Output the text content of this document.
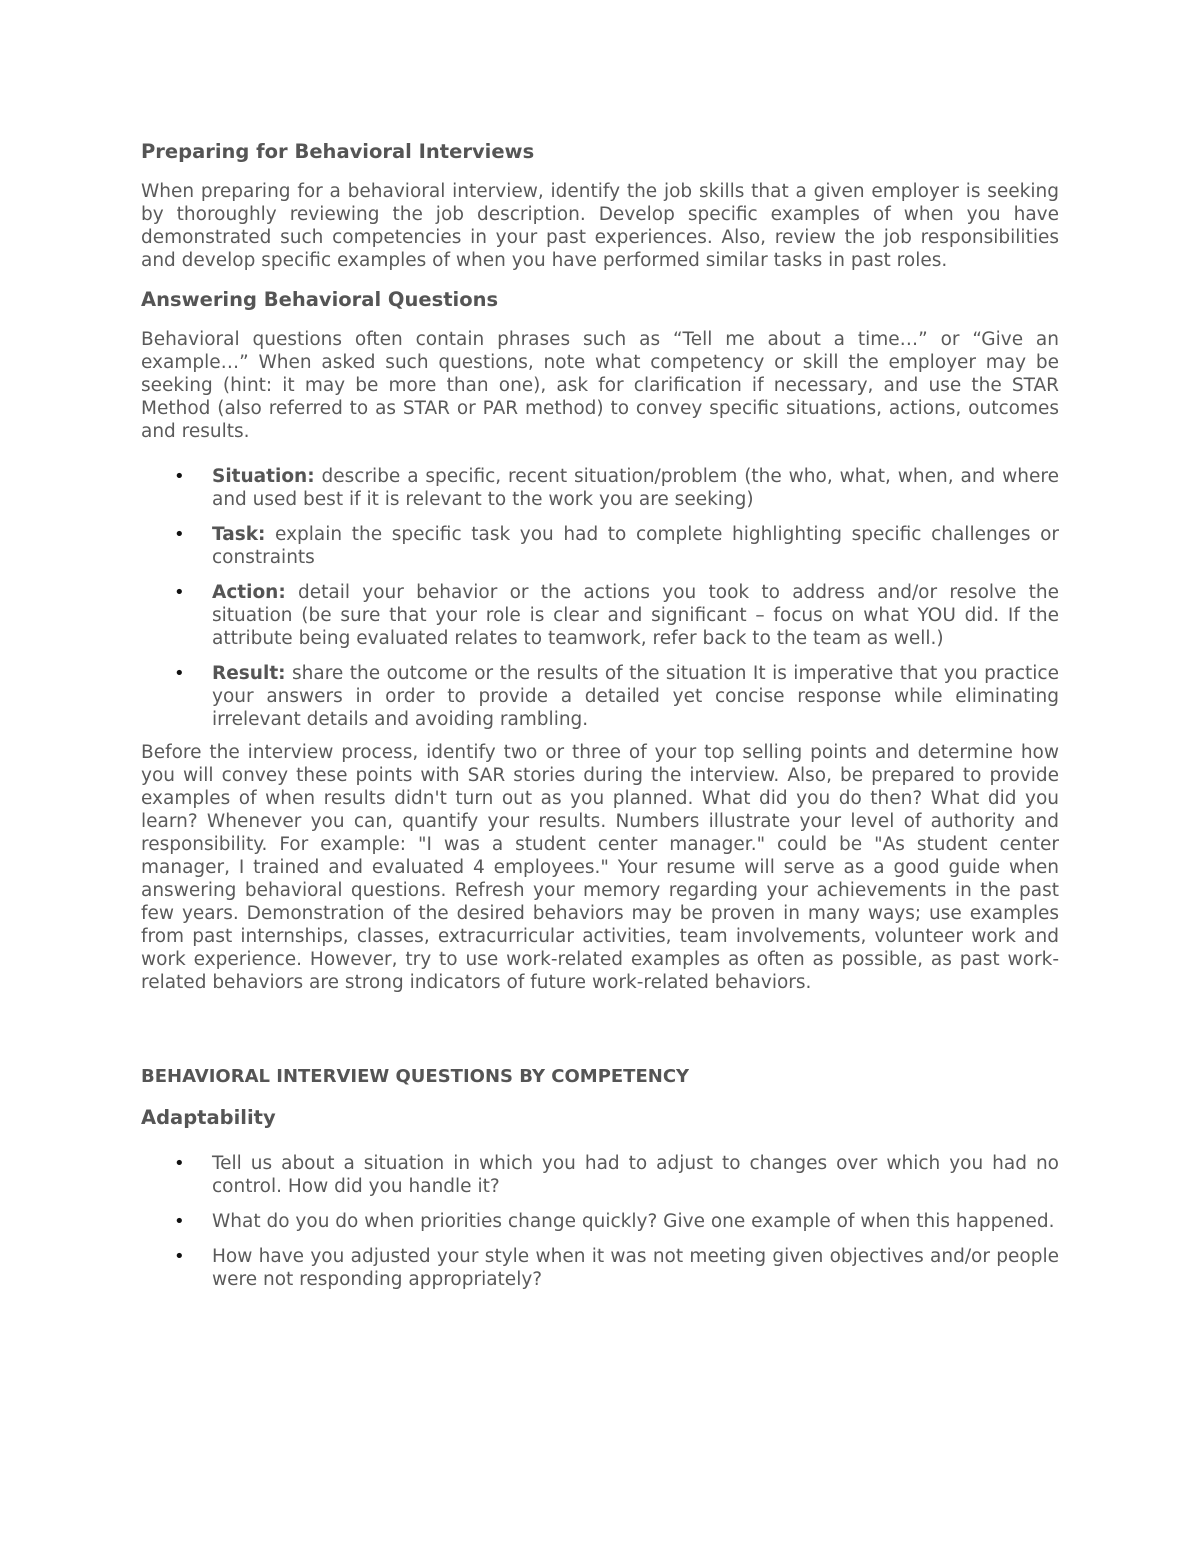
Preparing for Behavioral Interviews

When preparing for a behavioral interview, identify the job skills that a given employer is seeking by thoroughly reviewing the job description. Develop specific examples of when you have demonstrated such competencies in your past experiences. Also, review the job responsibilities and develop specific examples of when you have performed similar tasks in past roles.

Answering Behavioral Questions

Behavioral questions often contain phrases such as “Tell me about a time…” or “Give an example…” When asked such questions, note what competency or skill the employer may be seeking (hint: it may be more than one), ask for clarification if necessary, and use the STAR Method (also referred to as STAR or PAR method) to convey specific situations, actions, outcomes and results.

• Situation: describe a specific, recent situation/problem (the who, what, when, and where and used best if it is relevant to the work you are seeking)
• Task: explain the specific task you had to complete highlighting specific challenges or constraints
• Action: detail your behavior or the actions you took to address and/or resolve the situation (be sure that your role is clear and significant – focus on what YOU did. If the attribute being evaluated relates to teamwork, refer back to the team as well.)
• Result: share the outcome or the results of the situation It is imperative that you practice your answers in order to provide a detailed yet concise response while eliminating irrelevant details and avoiding rambling.

Before the interview process, identify two or three of your top selling points and determine how you will convey these points with SAR stories during the interview. Also, be prepared to provide examples of when results didn't turn out as you planned. What did you do then? What did you learn? Whenever you can, quantify your results. Numbers illustrate your level of authority and responsibility. For example: "I was a student center manager." could be "As student center manager, I trained and evaluated 4 employees." Your resume will serve as a good guide when answering behavioral questions. Refresh your memory regarding your achievements in the past few years. Demonstration of the desired behaviors may be proven in many ways; use examples from past internships, classes, extracurricular activities, team involvements, volunteer work and work experience. However, try to use work-related examples as often as possible, as past work-related behaviors are strong indicators of future work-related behaviors.

BEHAVIORAL INTERVIEW QUESTIONS BY COMPETENCY
Adaptability
• Tell us about a situation in which you had to adjust to changes over which you had no control. How did you handle it?
• What do you do when priorities change quickly? Give one example of when this happened.
• How have you adjusted your style when it was not meeting given objectives and/or people were not responding appropriately?
